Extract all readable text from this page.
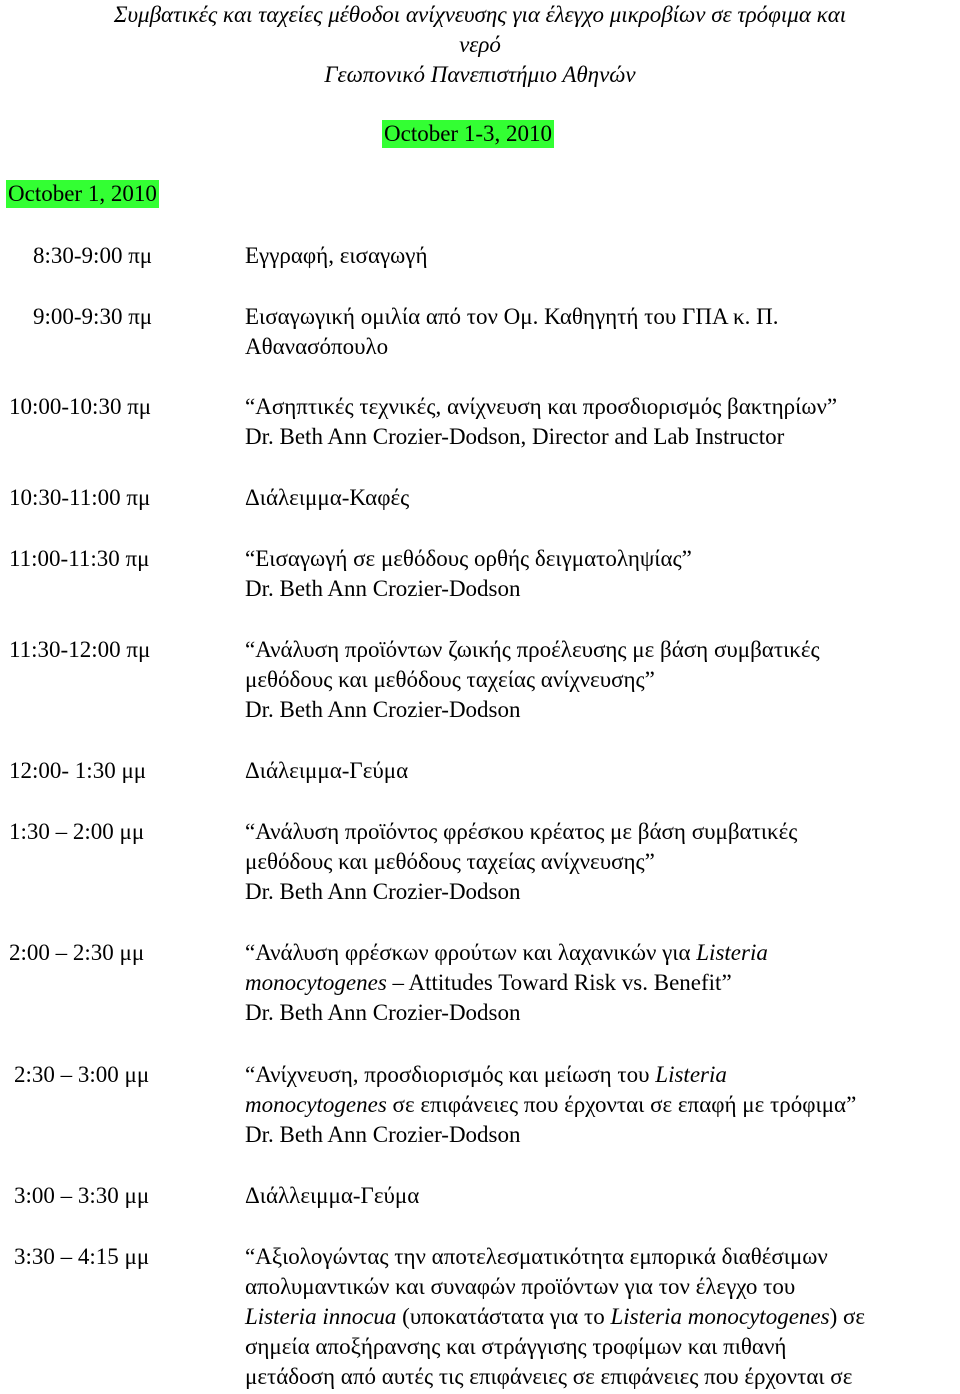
Συμβατικές και ταχείες μέθοδοι ανίχνευσης για έλεγχο μικροβίων σε τρόφιμα και
νερό
Γεωπονικό Πανεπιστήμιο Αθηνών
October 1-3, 2010
October 1, 2010
8:30-9:00 πμ	Εγγραφή, εισαγωγή
9:00-9:30 πμ	Εισαγωγική ομιλία από τον Ομ. Καθηγητή του ΓΠΑ κ. Π.
Αθανασόπουλο
10:00-10:30 πμ	“Ασηπτικές τεχνικές, ανίχνευση και προσδιορισμός βακτηρίων”
Dr. Beth Ann Crozier-Dodson, Director and Lab Instructor
10:30-11:00 πμ	Διάλειμμα-Καφές
11:00-11:30 πμ	“Εισαγωγή σε μεθόδους ορθής δειγματοληψίας”
Dr. Beth Ann Crozier-Dodson
11:30-12:00 πμ	“Ανάλυση προϊόντων ζωικής προέλευσης με βάση συμβατικές
μεθόδους και μεθόδους ταχείας ανίχνευσης”
Dr. Beth Ann Crozier-Dodson
12:00- 1:30 μμ	Διάλειμμα-Γεύμα
1:30 – 2:00 μμ	“Ανάλυση προϊόντος φρέσκου κρέατος με βάση συμβατικές
μεθόδους και μεθόδους ταχείας ανίχνευσης”
Dr. Beth Ann Crozier-Dodson
2:00 – 2:30 μμ	“Ανάλυση φρέσκων φρούτων και λαχανικών για Listeria
monocytogenes – Attitudes Toward Risk vs. Benefit”
Dr. Beth Ann Crozier-Dodson
2:30 – 3:00 μμ	“Ανίχνευση, προσδιορισμός και μείωση του Listeria
monocytogenes σε επιφάνειες που έρχονται σε επαφή με τρόφιμα”
Dr. Beth Ann Crozier-Dodson
3:00 – 3:30 μμ	Διάλλειμμα-Γεύμα
3:30 – 4:15 μμ	“Αξιολογώντας την αποτελεσματικότητα εμπορικά διαθέσιμων
απολυμαντικών και συναφών προϊόντων για τον έλεγχο του
Listeria innocua (υποκατάστατα για το Listeria monocytogenes) σε
σημεία αποξήρανσης και στράγγισης τροφίμων και πιθανή
μετάδοση από αυτές τις επιφάνειες σε επιφάνειες που έρχονται σε
